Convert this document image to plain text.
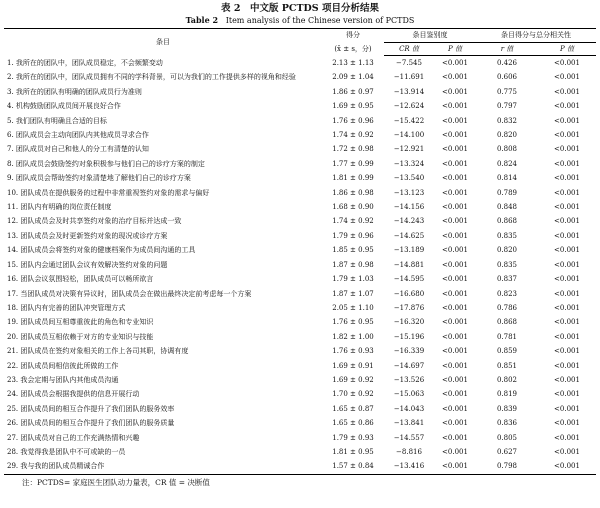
表 2　中文版 PCTDS 项目分析结果
Table 2 Item analysis of the Chinese version of PCTDS
条目	得分	条目鉴别度		条目得分与总分相关性	
	(x̄ ± s，分)	CR 值	P 值	r 值	P 值

1. 我所在的团队中，团队成员稳定，不会频繁变动	2.13 ± 1.13	−7.545	<0.001	0.426	<0.001
2. 我所在的团队中，团队成员拥有不同的学科背景，可以为我们的工作提供多样的视角和经验	2.09 ± 1.04	−11.691	<0.001	0.606	<0.001
3. 我所在的团队有明确的团队成员行为准则	1.86 ± 0.97	−13.914	<0.001	0.775	<0.001
4. 机构鼓励团队成员间开展良好合作	1.69 ± 0.95	−12.624	<0.001	0.797	<0.001
5. 我们团队有明确且合适的目标	1.76 ± 0.96	−15.422	<0.001	0.832	<0.001
6. 团队成员会主动向团队内其他成员寻求合作	1.74 ± 0.92	−14.100	<0.001	0.820	<0.001
7. 团队成员对自己和他人的分工有清楚的认知	1.72 ± 0.98	−12.921	<0.001	0.808	<0.001
8. 团队成员会鼓励签约对象积极参与他们自己的诊疗方案的制定	1.77 ± 0.99	−13.324	<0.001	0.824	<0.001
9. 团队成员会帮助签约对象清楚地了解他们自己的诊疗方案	1.81 ± 0.99	−13.540	<0.001	0.814	<0.001
10. 团队成员在提供服务的过程中非常重视签约对象的需求与偏好	1.86 ± 0.98	−13.123	<0.001	0.789	<0.001
11. 团队内有明确的岗位责任制度	1.68 ± 0.90	−14.156	<0.001	0.848	<0.001
12. 团队成员会及时共享签约对象的治疗目标并达成一致	1.74 ± 0.92	−14.243	<0.001	0.868	<0.001
13. 团队成员会及时更新签约对象的现况或诊疗方案	1.79 ± 0.96	−14.625	<0.001	0.835	<0.001
14. 团队成员会将签约对象的健康档案作为成员间沟通的工具	1.85 ± 0.95	−13.189	<0.001	0.820	<0.001
15. 团队内会通过团队会议有效解决签约对象的问题	1.87 ± 0.98	−14.881	<0.001	0.835	<0.001
16. 团队会议氛围轻松，团队成员可以畅所欲言	1.79 ± 1.03	−14.595	<0.001	0.837	<0.001
17. 当团队成员对决策有异议时，团队成员会在做出最终决定前考虑每一个方案	1.87 ± 1.07	−16.680	<0.001	0.823	<0.001
18. 团队内有完善的团队冲突管理方式	2.05 ± 1.10	−17.876	<0.001	0.786	<0.001
19. 团队成员间互相尊重彼此的角色和专业知识	1.76 ± 0.95	−16.320	<0.001	0.868	<0.001
20. 团队成员互相依赖于对方的专业知识与技能	1.82 ± 1.00	−15.196	<0.001	0.781	<0.001
21. 团队成员在签约对象相关的工作上各司其职，协调有度	1.76 ± 0.93	−16.339	<0.001	0.859	<0.001
22. 团队成员间相信彼此所做的工作	1.69 ± 0.91	−14.697	<0.001	0.851	<0.001
23. 我会定期与团队内其他成员沟通	1.69 ± 0.92	−13.526	<0.001	0.802	<0.001
24. 团队成员会根据我提供的信息开展行动	1.70 ± 0.92	−15.063	<0.001	0.819	<0.001
25. 团队成员间的相互合作提升了我们团队的服务效率	1.65 ± 0.87	−14.043	<0.001	0.839	<0.001
26. 团队成员间的相互合作提升了我们团队的服务质量	1.65 ± 0.86	−13.841	<0.001	0.836	<0.001
27. 团队成员对自己的工作充满热情和兴趣	1.79 ± 0.93	−14.557	<0.001	0.805	<0.001
28. 我觉得我是团队中不可或缺的一员	1.81 ± 0.95	−8.816	<0.001	0.627	<0.001
29. 我与我的团队成员精诚合作	1.57 ± 0.84	−13.416	<0.001	0.798	<0.001
注：PCTDS= 家庭医生团队动力量表，CR 值 = 决断值
